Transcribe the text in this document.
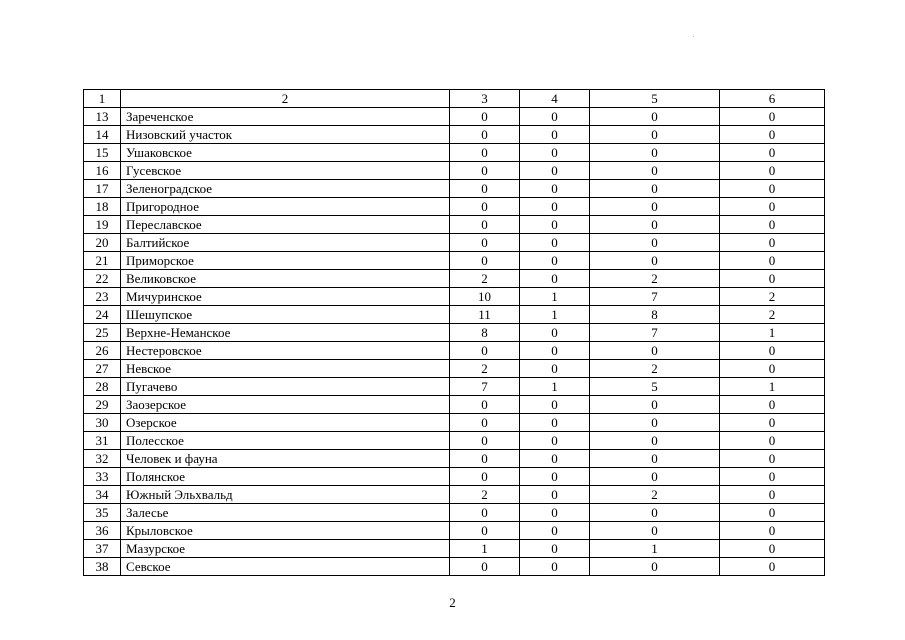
1	2	3	4	5	6
13	Зареченское	0	0	0	0
14	Низовский участок	0	0	0	0
15	Ушаковское	0	0	0	0
16	Гусевское	0	0	0	0
17	Зеленоградское	0	0	0	0
18	Пригородное	0	0	0	0
19	Переславское	0	0	0	0
20	Балтийское	0	0	0	0
21	Приморское	0	0	0	0
22	Великовское	2	0	2	0
23	Мичуринское	10	1	7	2
24	Шешупское	11	1	8	2
25	Верхне-Неманское	8	0	7	1
26	Нестеровское	0	0	0	0
27	Невское	2	0	2	0
28	Пугачево	7	1	5	1
29	Заозерское	0	0	0	0
30	Озерское	0	0	0	0
31	Полесское	0	0	0	0
32	Человек и фауна	0	0	0	0
33	Полянское	0	0	0	0
34	Южный Эльхвальд	2	0	2	0
35	Залесье	0	0	0	0
36	Крыловское	0	0	0	0
37	Мазурское	1	0	1	0
38	Севское	0	0	0	0
2
